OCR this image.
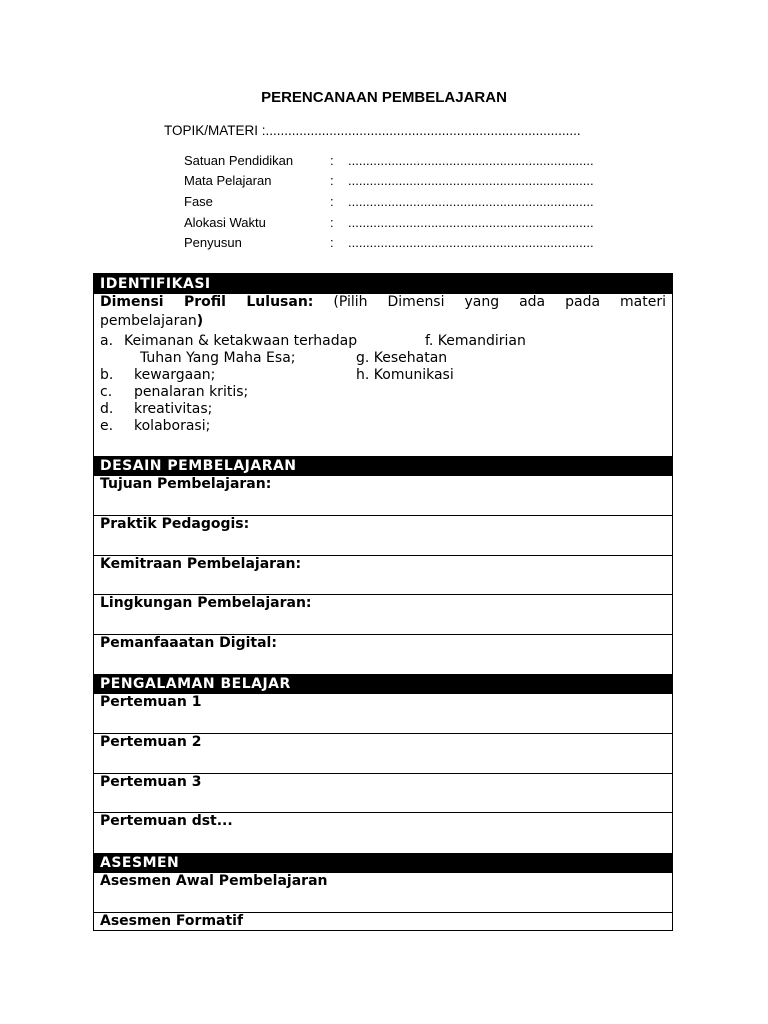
PERENCANAAN PEMBELAJARAN
TOPIK/MATERI :....................................................................................
Satuan Pendidikan	:	....................................................................
Mata Pelajaran	:	....................................................................
Fase	:	....................................................................
Alokasi Waktu	:	....................................................................
Penyusun	:	....................................................................
IDENTIFIKASI
Dimensi Profil Lulusan: (Pilih Dimensi yang ada pada materi
pembelajaran)
a. Keimanan & ketakwaan terhadap
Tuhan Yang Maha Esa;
f. Kemandirian
g. Kesehatan
h. Komunikasi
b. kewargaan;
c. penalaran kritis;
d. kreativitas;
e. kolaborasi;
DESAIN PEMBELAJARAN
Tujuan Pembelajaran:
Praktik Pedagogis:
Kemitraan Pembelajaran:
Lingkungan Pembelajaran:
Pemanfaaatan Digital:
PENGALAMAN BELAJAR
Pertemuan 1
Pertemuan 2
Pertemuan 3
Pertemuan dst...
ASESMEN
Asesmen Awal Pembelajaran
Asesmen Formatif
